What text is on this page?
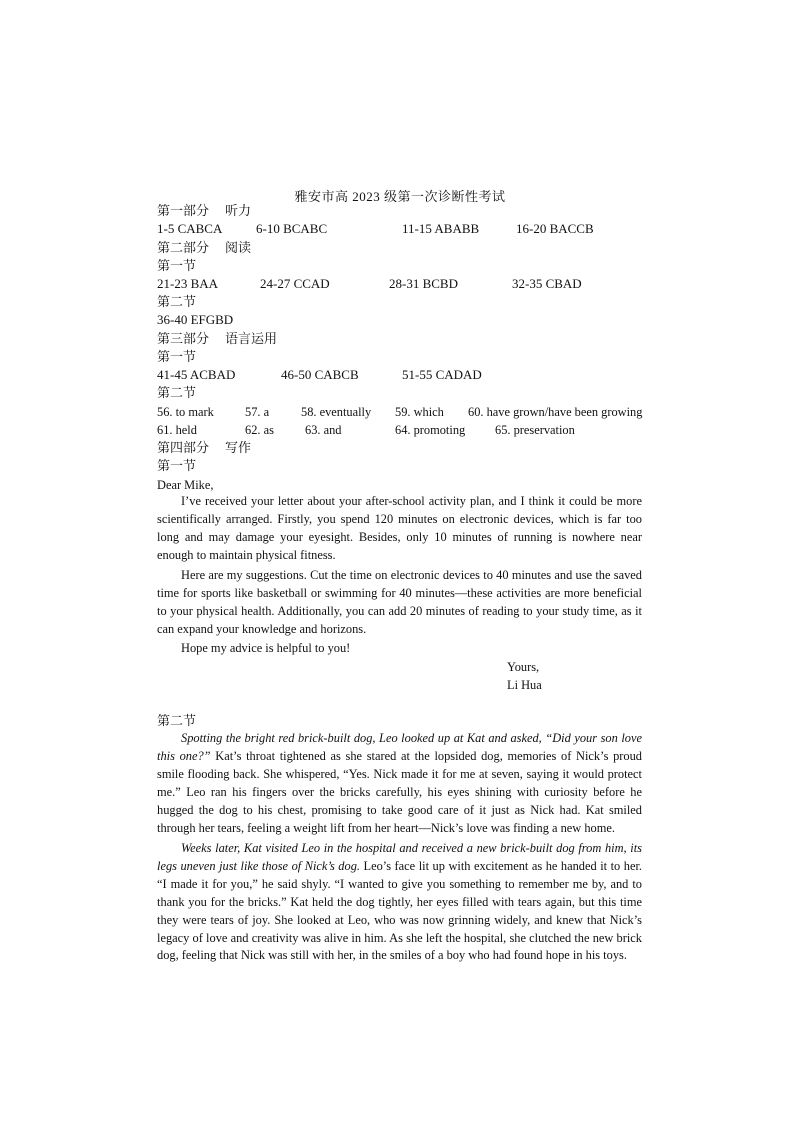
雅安市高 2023 级第一次诊断性考试
第一部分 听力
1-5 CABCA	6-10 BCABC	11-15 ABABB	16-20 BACCB
第二部分 阅读
第一节
21-23 BAA	24-27 CCAD	28-31 BCBD	32-35 CBAD
第二节
36-40 EFGBD
第三部分 语言运用
第一节
41-45 ACBAD	46-50 CABCB	51-55 CADAD
第二节
56. to mark	57. a	58. eventually 59. which 60. have grown/have been growing
61. held	62. as	63. and	64. promoting 65. preservation
第四部分 写作
第一节
Dear Mike,
I’ve received your letter about your after-school activity plan, and I think it could be more scientifically arranged. Firstly, you spend 120 minutes on electronic devices, which is far too long and may damage your eyesight. Besides, only 10 minutes of running is nowhere near enough to maintain physical fitness.
Here are my suggestions. Cut the time on electronic devices to 40 minutes and use the saved time for sports like basketball or swimming for 40 minutes—these activities are more beneficial to your physical health. Additionally, you can add 20 minutes of reading to your study time, as it can expand your knowledge and horizons.
Hope my advice is helpful to you!
Yours,
Li Hua
第二节
Spotting the bright red brick-built dog, Leo looked up at Kat and asked, “Did your son love this one?” Kat’s throat tightened as she stared at the lopsided dog, memories of Nick’s proud smile flooding back. She whispered, “Yes. Nick made it for me at seven, saying it would protect me.” Leo ran his fingers over the bricks carefully, his eyes shining with curiosity before he hugged the dog to his chest, promising to take good care of it just as Nick had. Kat smiled through her tears, feeling a weight lift from her heart—Nick’s love was finding a new home.
Weeks later, Kat visited Leo in the hospital and received a new brick-built dog from him, its legs uneven just like those of Nick’s dog. Leo’s face lit up with excitement as he handed it to her. “I made it for you,” he said shyly. “I wanted to give you something to remember me by, and to thank you for the bricks.” Kat held the dog tightly, her eyes filled with tears again, but this time they were tears of joy. She looked at Leo, who was now grinning widely, and knew that Nick’s legacy of love and creativity was alive in him. As she left the hospital, she clutched the new brick dog, feeling that Nick was still with her, in the smiles of a boy who had found hope in his toys.
